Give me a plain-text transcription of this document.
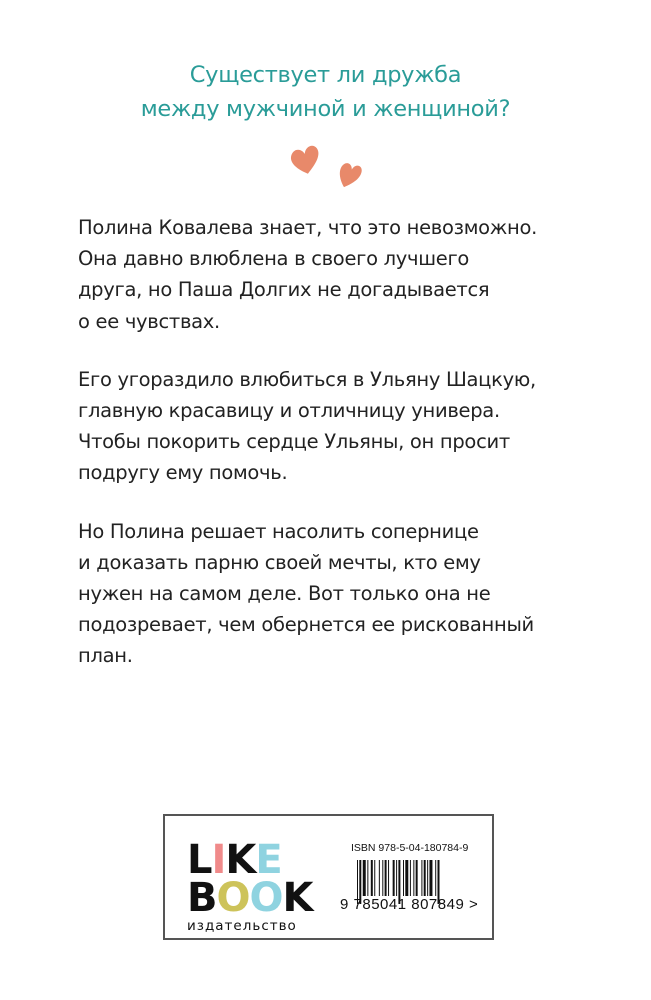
Существует ли дружба
между мужчиной и женщиной?
Полина Ковалева знает, что это невозможно.
Она давно влюблена в своего лучшего
друга, но Паша Долгих не догадывается
о ее чувствах.
Его угораздило влюбиться в Ульяну Шацкую,
главную красавицу и отличницу универа.
Чтобы покорить сердце Ульяны, он просит
подругу ему помочь.
Но Полина решает насолить сопернице
и доказать парню своей мечты, кто ему
нужен на самом деле. Вот только она не
подозревает, чем обернется ее рискованный
план.
LIKE
BOOK
издательство
ISBN 978-5-04-180784-9
9 785041 807849 >
